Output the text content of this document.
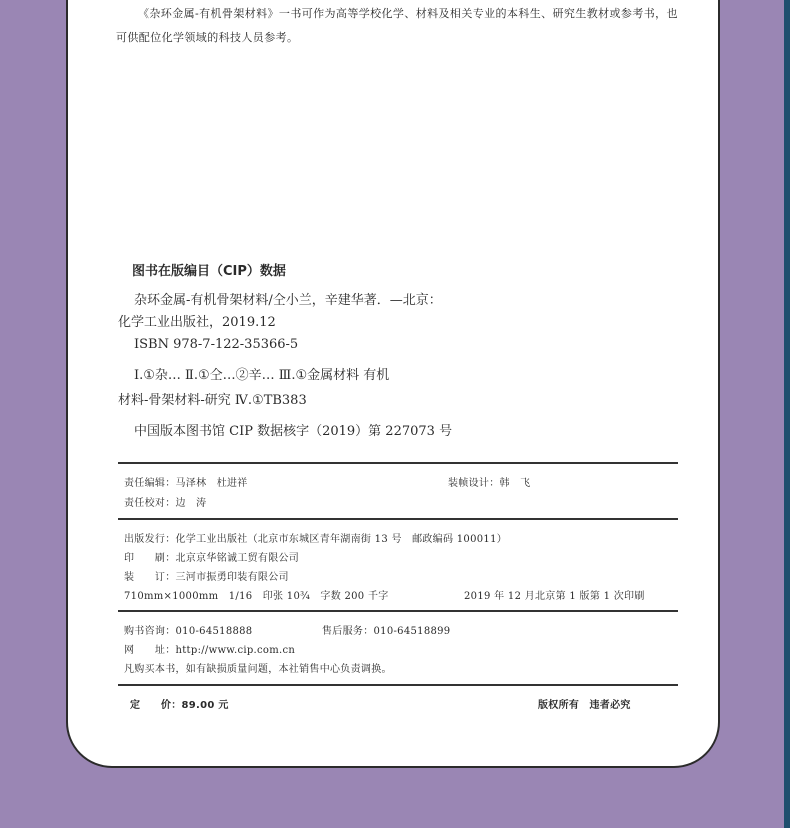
《杂环金属-有机骨架材料》一书可作为高等学校化学、材料及相关专业的本科生、研究生教材或参考书，也可供配位化学领域的科技人员参考。
图书在版编目（CIP）数据
杂环金属-有机骨架材料/仝小兰，辛建华著．—北京：
化学工业出版社，2019.12
ISBN 978-7-122-35366-5
Ⅰ.①杂… Ⅱ.①仝…②辛… Ⅲ.①金属材料 有机
材料-骨架材料-研究 Ⅳ.①TB383
中国版本图书馆 CIP 数据核字（2019）第 227073 号
责任编辑：马泽林　杜进祥	装帧设计：韩　飞
责任校对：边　涛
出版发行：化学工业出版社（北京市东城区青年湖南街 13 号　邮政编码 100011）
印　　刷：北京京华铭诚工贸有限公司
装　　订：三河市振勇印装有限公司
710mm×1000mm　1/16　印张 10¾　字数 200 千字	2019 年 12 月北京第 1 版第 1 次印刷
购书咨询：010-64518888	售后服务：010-64518899
网　　址：http://www.cip.com.cn
凡购买本书，如有缺损质量问题，本社销售中心负责调换。
定　　价：89.00 元	版权所有　违者必究
